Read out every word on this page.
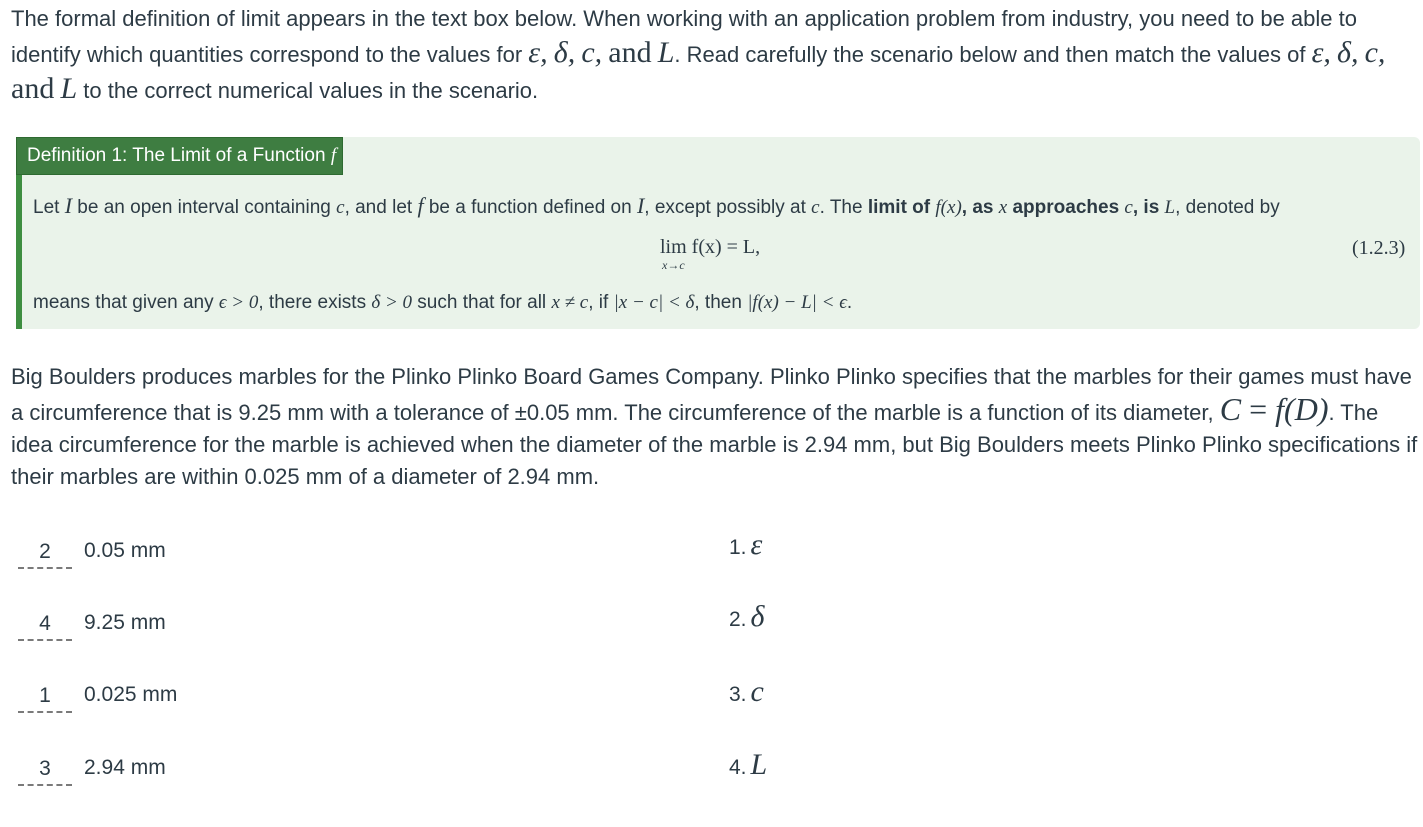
The formal definition of limit appears in the text box below. When working with an application problem from industry, you need to be able to identify which quantities correspond to the values for ε, δ, c, and L. Read carefully the scenario below and then match the values of ε, δ, c, and L to the correct numerical values in the scenario.
Definition 1: The Limit of a Function f
Let I be an open interval containing c, and let f be a function defined on I, except possibly at c. The limit of f(x), as x approaches c, is L, denoted by
lim f(x) = L,
x→c
(1.2.3)
means that given any ϵ > 0, there exists δ > 0 such that for all x ≠ c, if |x − c| < δ, then |f(x) − L| < ϵ.
Big Boulders produces marbles for the Plinko Plinko Board Games Company. Plinko Plinko specifies that the marbles for their games must have a circumference that is 9.25 mm with a tolerance of ±0.05 mm. The circumference of the marble is a function of its diameter, C = f(D). The idea circumference for the marble is achieved when the diameter of the marble is 2.94 mm, but Big Boulders meets Plinko Plinko specifications if their marbles are within 0.025 mm of a diameter of 2.94 mm.
2	0.05 mm
4	9.25 mm
1	0.025 mm
3	2.94 mm
1. ε
2. δ
3. c
4. L
